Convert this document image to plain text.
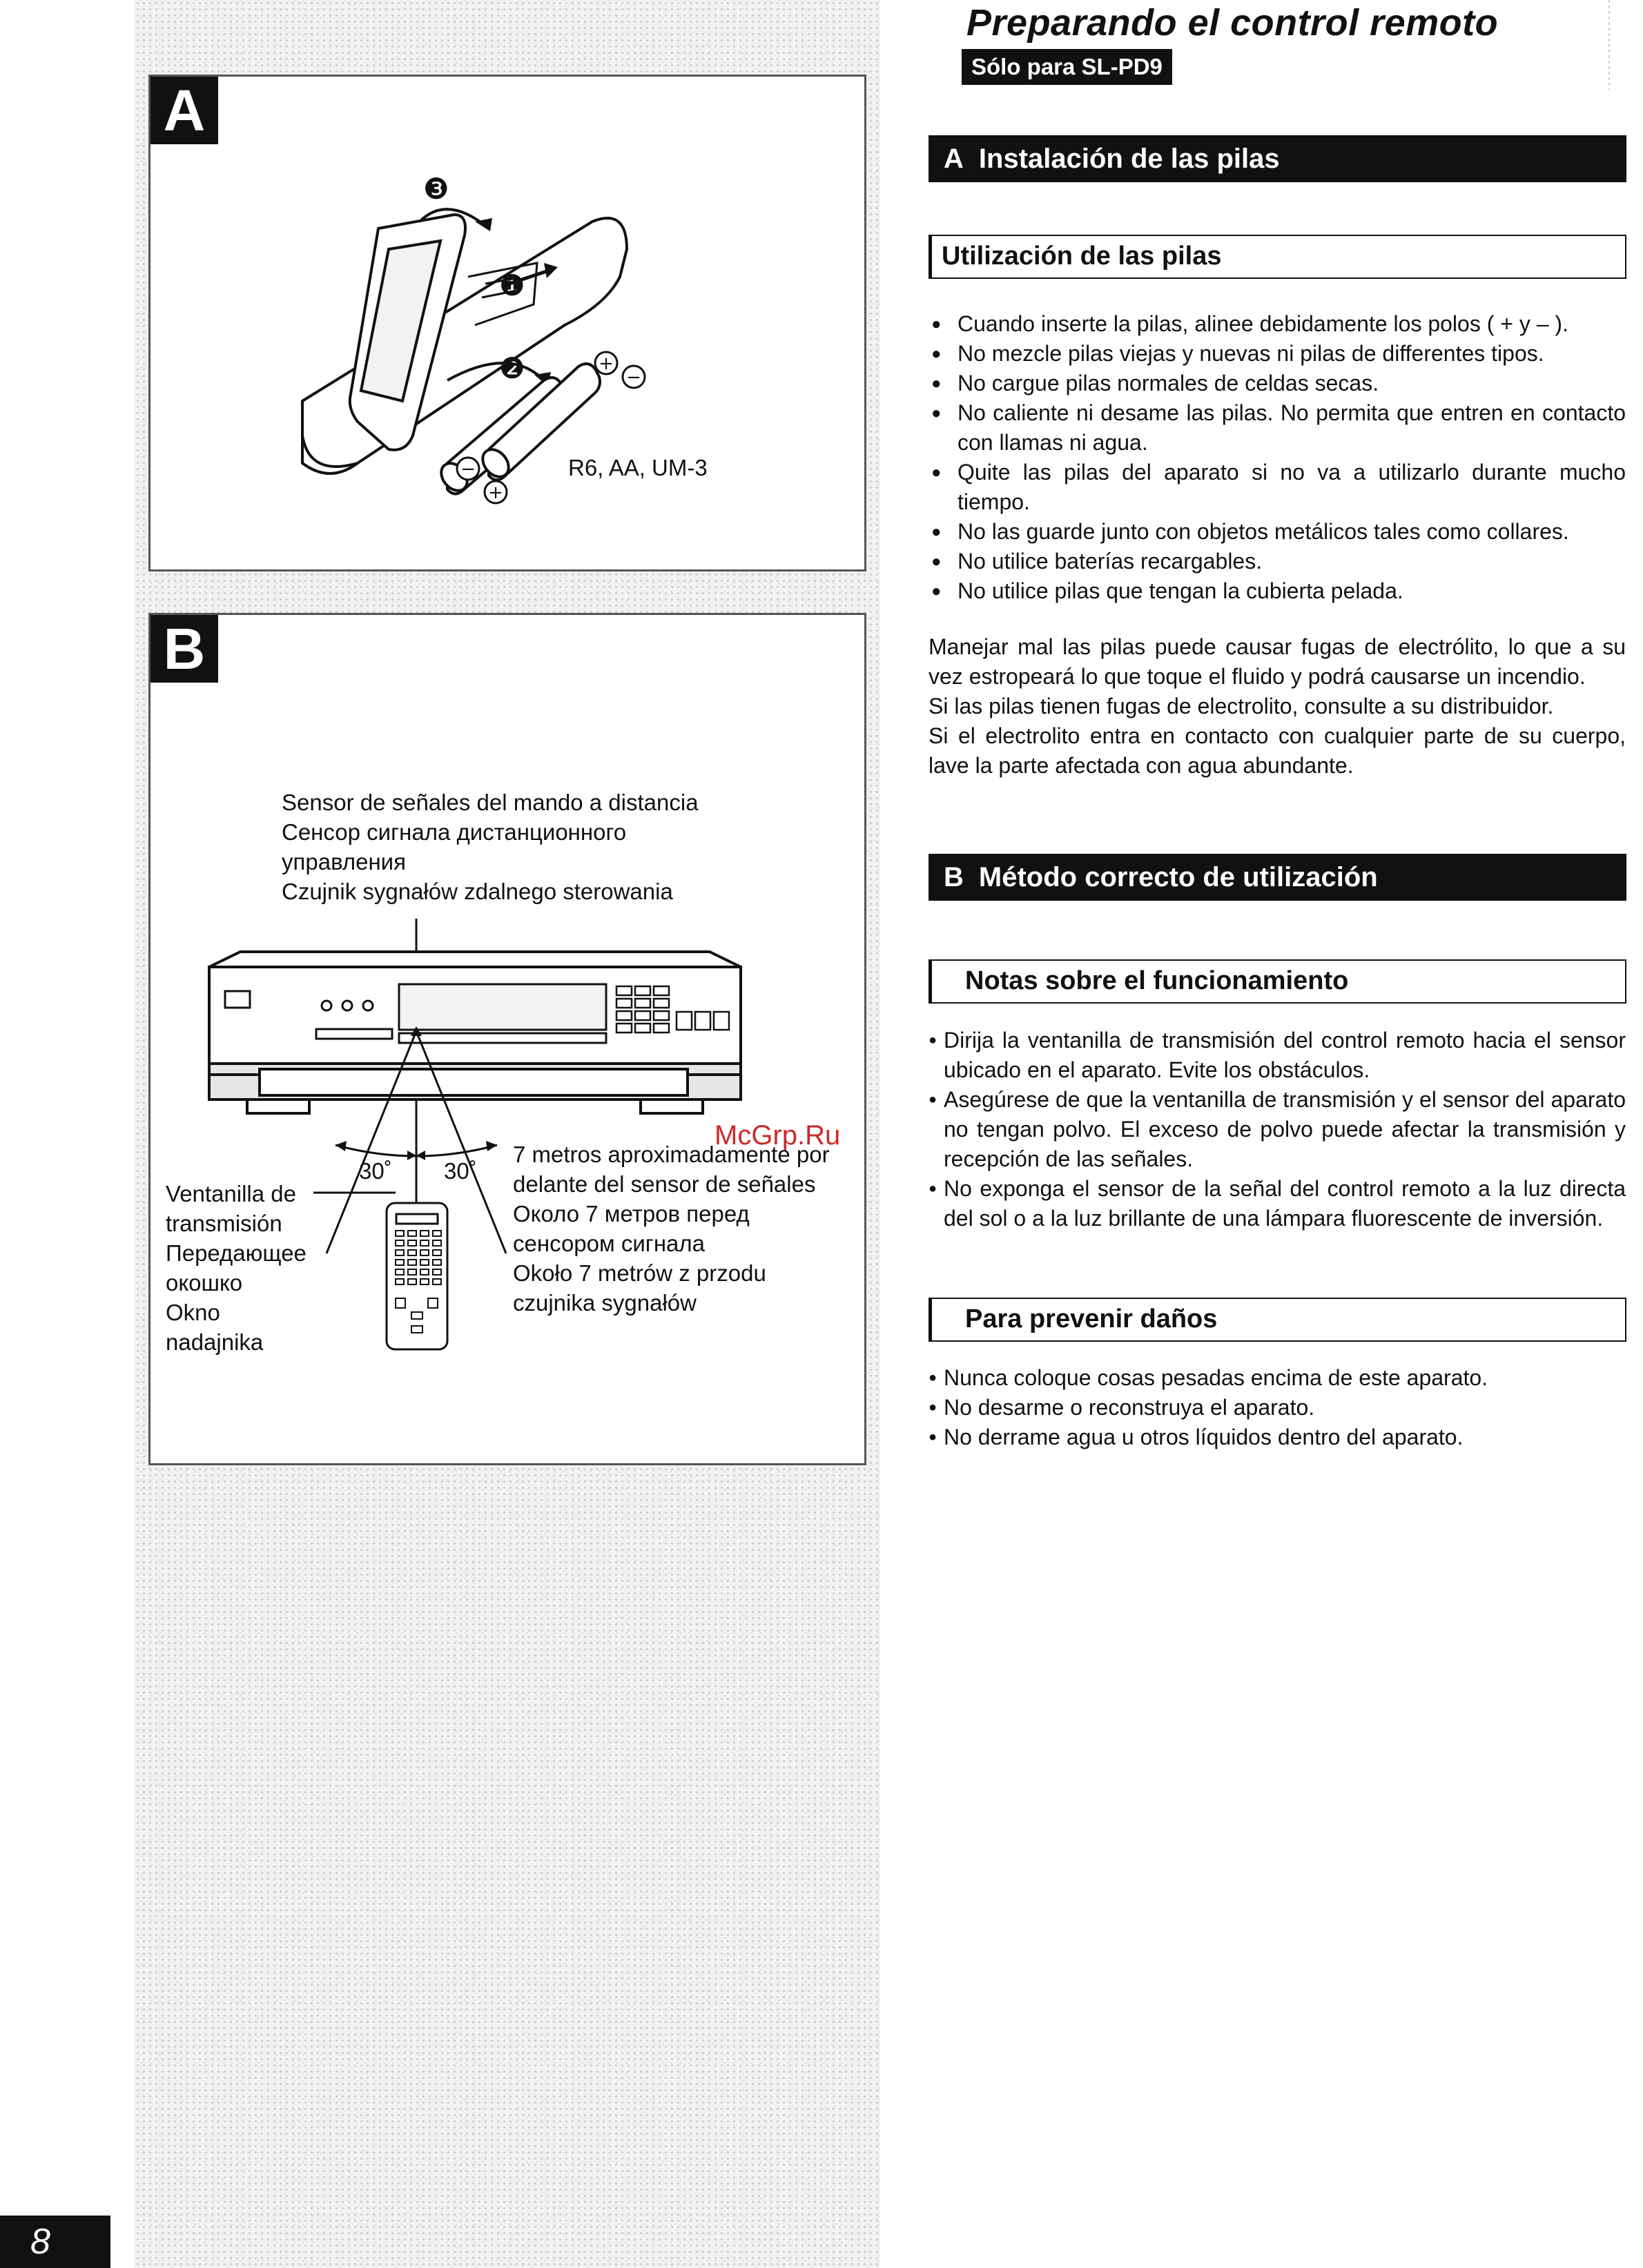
A
+
−
−
+
❸
❶
❷
R6, AA, UM-3
B
Sensor de señales del mando a distancia
Сенсор сигнала дистанционного
управления
Czujnik sygnałów zdalnego sterowania
30˚ 30˚
Ventanilla de
transmisión
Передающее
окошко
Okno
nadajnika
7 metros aproximadamente por
delante del sensor de señales
Около 7 метров перед
сенсором сигнала
Około 7 metrów z przodu
czujnika sygnałów
McGrp.Ru
Preparando el control remoto
Sólo para SL-PD9
A Instalación de las pilas
Utilización de las pilas
● Cuando inserte la pilas, alinee debidamente los polos ( + y – ).
● No mezcle pilas viejas y nuevas ni pilas de differentes tipos.
● No cargue pilas normales de celdas secas.
● No caliente ni desame las pilas. No permita que entren en contacto con llamas ni agua.
● Quite las pilas del aparato si no va a utilizarlo durante mucho tiempo.
● No las guarde junto con objetos metálicos tales como collares.
● No utilice baterías recargables.
● No utilice pilas que tengan la cubierta pelada.

Manejar mal las pilas puede causar fugas de electrólito, lo que a su vez estropeará lo que toque el fluido y podrá causarse un incendio.

Si las pilas tienen fugas de electrolito, consulte a su distribuidor.

Si el electrolito entra en contacto con cualquier parte de su cuerpo, lave la parte afectada con agua abundante.

B Método correcto de utilización
Notas sobre el funcionamiento
● Dirija la ventanilla de transmisión del control remoto hacia el sensor ubicado en el aparato. Evite los obstáculos.
● Asegúrese de que la ventanilla de transmisión y el sensor del aparato no tengan polvo. El exceso de polvo puede afectar la transmisión y recepción de las señales.
● No exponga el sensor de la señal del control remoto a la luz directa del sol o a la luz brillante de una lámpara fluorescente de inversión.
Para prevenir daños
● Nunca coloque cosas pesadas encima de este aparato.
● No desarme o reconstruya el aparato.
● No derrame agua u otros líquidos dentro del aparato.
8
